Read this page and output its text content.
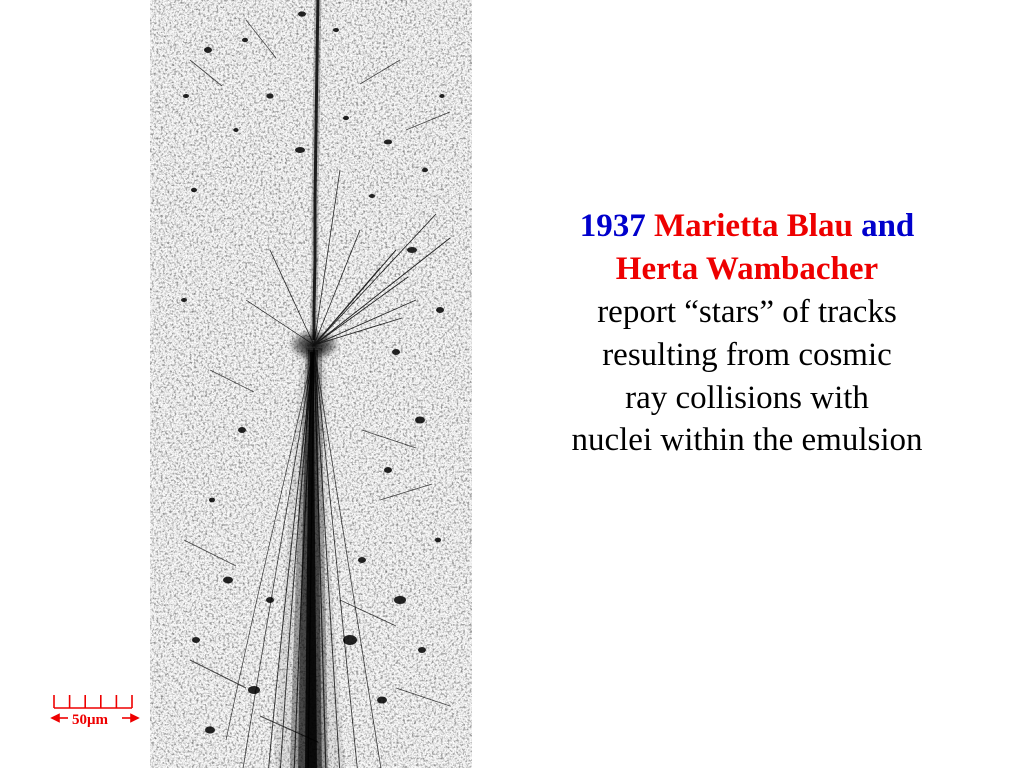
50μm
1937 Marietta Blau and
Herta Wambacher
report “stars” of tracks
resulting from cosmic
ray collisions with
nuclei within the emulsion
